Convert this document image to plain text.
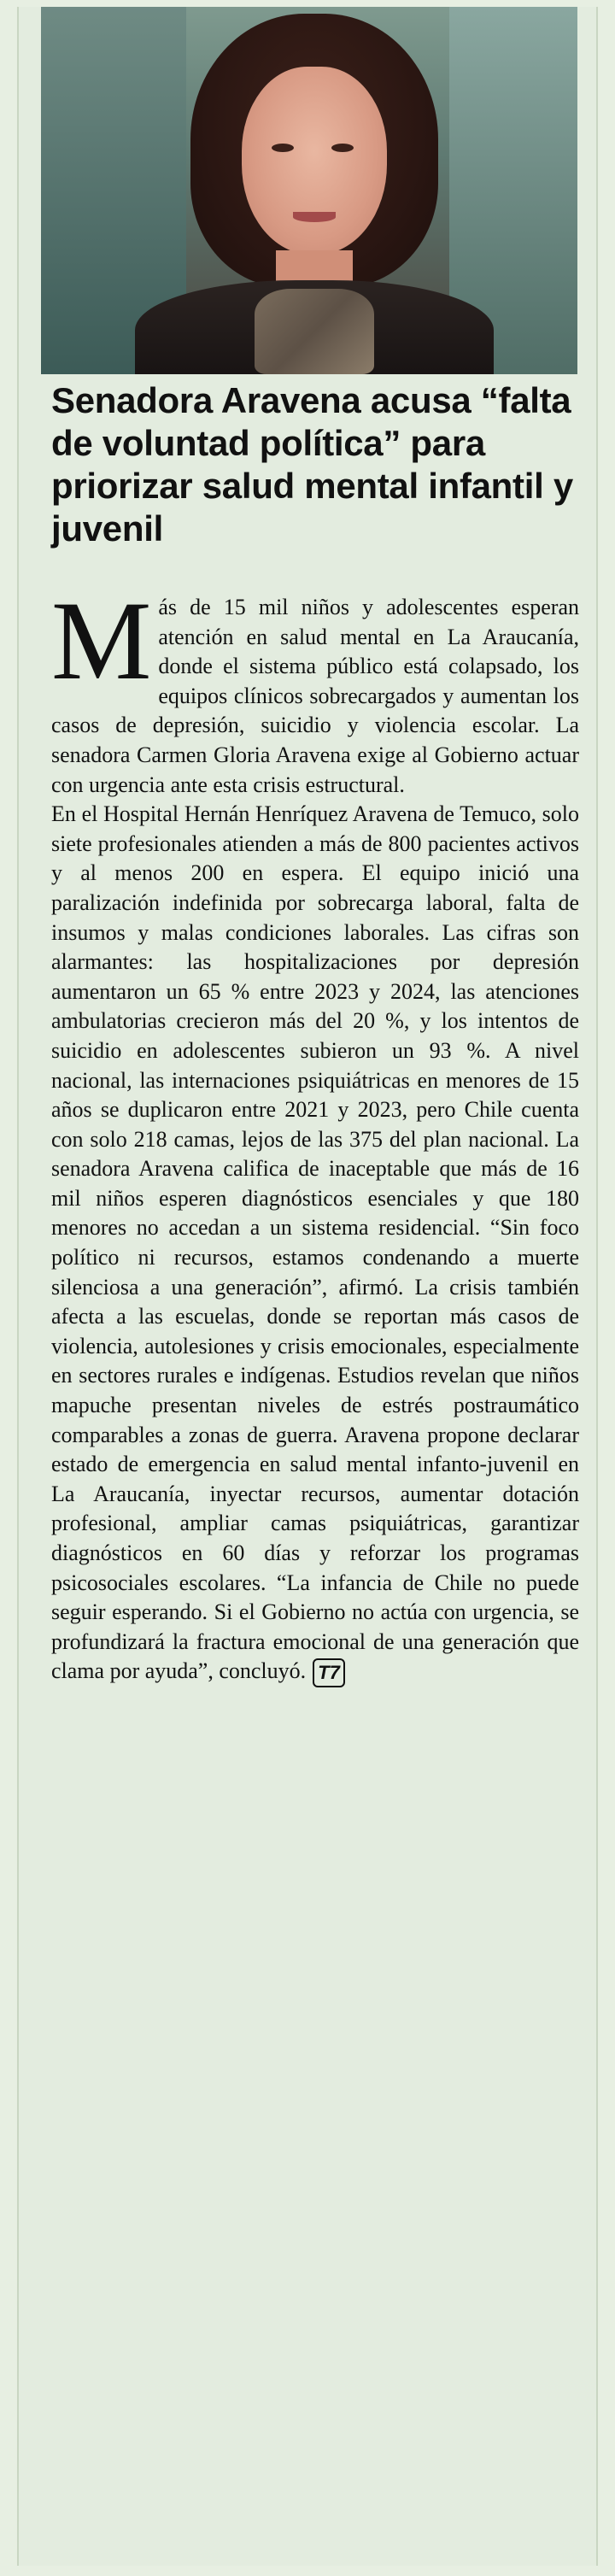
Senadora Aravena acusa “falta de voluntad política” para priorizar salud mental infantil y juvenil

Más de 15 mil niños y adolescentes esperan atención en salud mental en La Araucanía, donde el sistema público está colapsado, los equipos clínicos sobrecargados y aumentan los casos de depresión, suicidio y violencia escolar. La senadora Carmen Gloria Aravena exige al Gobierno actuar con urgencia ante esta crisis estructural.

En el Hospital Hernán Henríquez Aravena de Temuco, solo siete profesionales atienden a más de 800 pacientes activos y al menos 200 en espera. El equipo inició una paralización indefinida por sobrecarga laboral, falta de insumos y malas condiciones laborales. Las cifras son alarmantes: las hospitalizaciones por depresión aumentaron un 65 % entre 2023 y 2024, las atenciones ambulatorias crecieron más del 20 %, y los intentos de suicidio en adolescentes subieron un 93 %. A nivel nacional, las internaciones psiquiátricas en menores de 15 años se duplicaron entre 2021 y 2023, pero Chile cuenta con solo 218 camas, lejos de las 375 del plan nacional. La senadora Aravena califica de inaceptable que más de 16 mil niños esperen diagnósticos esenciales y que 180 menores no accedan a un sistema residencial. “Sin foco político ni recursos, estamos condenando a muerte silenciosa a una generación”, afirmó. La crisis también afecta a las escuelas, donde se reportan más casos de violencia, autolesiones y crisis emocionales, especialmente en sectores rurales e indígenas. Estudios revelan que niños mapuche presentan niveles de estrés postraumático comparables a zonas de guerra. Aravena propone declarar estado de emergencia en salud mental infanto-juvenil en La Araucanía, inyectar recursos, aumentar dotación profesional, ampliar camas psiquiátricas, garantizar diagnósticos en 60 días y reforzar los programas psicosociales escolares. “La infancia de Chile no puede seguir esperando. Si el Gobierno no actúa con urgencia, se profundizará la fractura emocional de una generación que clama por ayuda”, concluyó. T7
